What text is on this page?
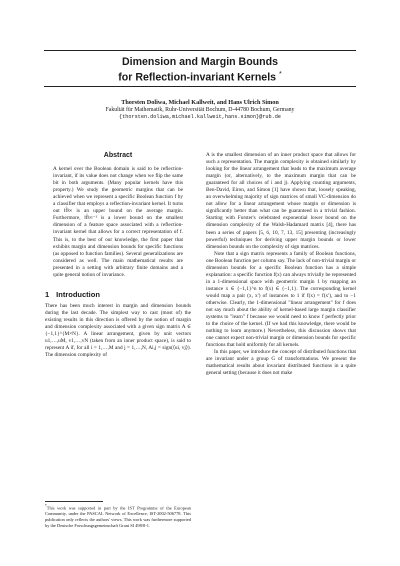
Dimension and Margin Bounds
for Reflection-invariant Kernels *
Thorsten Doliwa, Michael Kallweit, and Hans Ulrich Simon
Fakultät für Mathematik, Ruhr-Universität Bochum, D-44780 Bochum, Germany
{thorsten.doliwa,michael.kallweit,hans.simon}@rub.de
Abstract
A kernel over the Boolean domain is said to be reflection-invariant, if its value does not change when we flip the same bit in both arguments. (Many popular kernels have this property.) We study the geometric margins that can be achieved when we represent a specific Boolean function f by a classifier that employs a reflection-invariant kernel. It turns out ‖f̂‖∞ is an upper bound on the average margin. Furthermore, ‖f̂‖∞⁻¹ is a lower bound on the smallest dimension of a feature space associated with a reflection-invariant kernel that allows for a correct representation of f. This is, to the best of our knowledge, the first paper that exhibits margin and dimension bounds for specific functions (as opposed to function families). Several generalizations are considered as well. The main mathematical results are presented in a setting with arbitrary finite domains and a quite general notion of invariance.
1 Introduction
There has been much interest in margin and dimension bounds during the last decade. The simplest way to cast (most of) the existing results in this direction is offered by the notion of margin and dimension complexity associated with a given sign matrix A ∈ {−1,1}^{M×N}. A linear arrangement, given by unit vectors u1,…,uM, v1,…,vN (taken from an inner product space), is said to represent A if, for all i = 1,…,M and j = 1,…,N, Ai,j = sign(⟨ui, vj⟩). The dimension complexity of
*This work was supported in part by the IST Programme of the European Community, under the PASCAL Network of Excellence, IST-2002-506778. This publication only reflects the authors' views. This work was furthermore supported by the Deutsche Forschungsgemeinschaft Grant SI 498/8-1.
A is the smallest dimension of an inner product space that allows for such a representation. The margin complexity is obtained similarly by looking for the linear arrangement that leads to the maximum average margin (or, alternatively, to the maximum margin that can be guaranteed for all choices of i and j). Applying counting arguments, Ben-David, Eiron, and Simon [1] have shown that, loosely speaking, an overwhelming majority of sign matrices of small VC-dimension do not allow for a linear arrangement whose margin or dimension is significantly better than what can be guaranteed in a trivial fashion. Starting with Forster's celebrated exponential lower bound on the dimension complexity of the Walsh-Hadamard matrix [4], there has been a series of papers [5, 6, 10, 7, 13, 15] presenting (increasingly powerful) techniques for deriving upper margin bounds or lower dimension bounds on the complexity of sign matrices.
Note that a sign matrix represents a family of Boolean functions, one Boolean function per column say. The lack of non-trivial margin or dimension bounds for a specific Boolean function has a simple explanation: a specific function f(x) can always trivially be represented in a 1-dimensional space with geometric margin 1 by mapping an instance x ∈ {−1,1}^n to f(x) ∈ {−1,1}. The corresponding kernel would map a pair (x, x′) of instances to 1 if f(x) = f(x′), and to −1 otherwise. Clearly, the 1-dimensional "linear arrangement" for f does not say much about the ability of kernel-based large margin classifier systems to "learn" f because we would need to know f perfectly prior to the choice of the kernel. (If we had this knowledge, there would be nothing to learn anymore.) Nevertheless, this discussion shows that one cannot expect non-trivial margin or dimension bounds for specific functions that hold uniformly for all kernels.
In this paper, we introduce the concept of distributed functions that are invariant under a group G of transformations. We present the mathematical results about invariant distributed functions in a quite general setting (because it does not make
